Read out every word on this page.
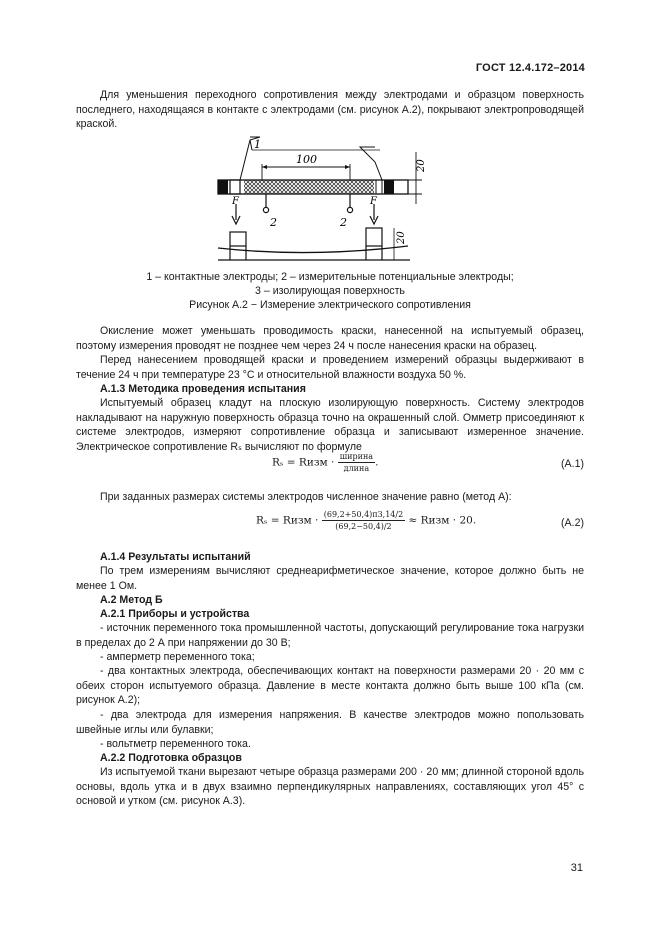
ГОСТ 12.4.172–2014
Для уменьшения переходного сопротивления между электродами и образцом поверхность последнего, находящаяся в контакте с электродами (см. рисунок А.2), покрывают электропроводящей краской.
1
100	20
2	2
F	F
20
1 – контактные электроды; 2 – измерительные потенциальные электроды;
3 – изолирующая поверхность
Рисунок А.2 − Измерение электрического сопротивления
Окисление может уменьшать проводимость краски, нанесенной на испытуемый образец, поэтому измерения проводят не позднее чем через 24 ч после нанесения краски на образец.
Перед нанесением проводящей краски и проведением измерений образцы выдерживают в течение 24 ч при температуре 23 °С и относительной влажности воздуха 50 %.
А.1.3 Методика проведения испытания
Испытуемый образец кладут на плоскую изолирующую поверхность. Систему электродов накладывают на наружную поверхность образца точно на окрашенный слой. Омметр присоединяют к системе электродов, измеряют сопротивление образца и записывают измеренное значение. Электрическое сопротивление Rₛ вычисляют по формуле
Rₛ = Rизм · $\frac{\text{ширина}}{\text{длина}}$ .	(А.1)
При заданных размерах системы электродов численное значение равно (метод А):
Rₛ = Rизм · $\frac{(69,2+50,4)\pi 3,14/2}{(69,2-50,4)/2}$ ≈ Rизм · 20.	(А.2)
А.1.4 Результаты испытаний
По трем измерениям вычисляют среднеарифметическое значение, которое должно быть не менее 1 Ом.
А.2 Метод Б
А.2.1 Приборы и устройства
- источник переменного тока промышленной частоты, допускающий регулирование тока нагрузки в пределах до 2 А при напряжении до 30 В;
- амперметр переменного тока;
- два контактных электрода, обеспечивающих контакт на поверхности размерами 20 · 20 мм с обеих сторон испытуемого образца. Давление в месте контакта должно быть выше 100 кПа (см. рисунок А.2);
- два электрода для измерения напряжения. В качестве электродов можно попользовать швейные иглы или булавки;
- вольтметр переменного тока.
А.2.2 Подготовка образцов
Из испытуемой ткани вырезают четыре образца размерами 200 · 20 мм; длинной стороной вдоль основы, вдоль утка и в двух взаимно перпендикулярных направлениях, составляющих угол 45° с основой и утком (см. рисунок А.3).
31
